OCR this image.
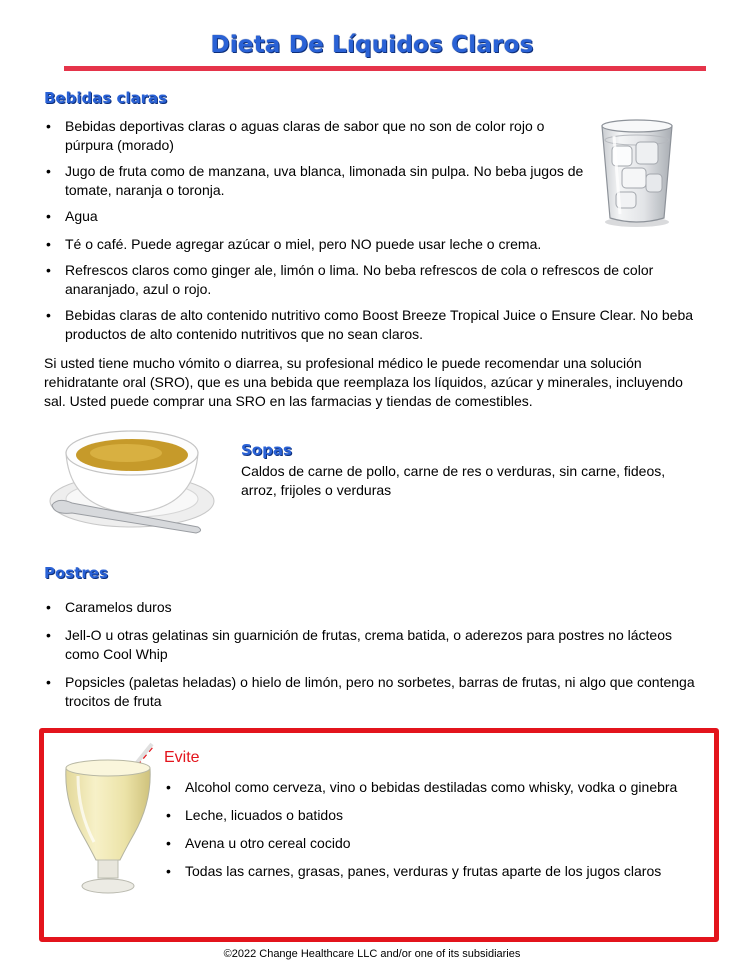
Dieta De Líquidos Claros
Bebidas claras
• Bebidas deportivas claras o aguas claras de sabor que no son de color rojo o púrpura (morado)
• Jugo de fruta como de manzana, uva blanca, limonada sin pulpa. No beba jugos de tomate, naranja o toronja.
• Agua
• Té o café. Puede agregar azúcar o miel, pero NO puede usar leche o crema.
• Refrescos claros como ginger ale, limón o lima. No beba refrescos de cola o refrescos de color anaranjado, azul o rojo.
• Bebidas claras de alto contenido nutritivo como Boost Breeze Tropical Juice o Ensure Clear. No beba productos de alto contenido nutritivos que no sean claros.

Si usted tiene mucho vómito o diarrea, su profesional médico le puede recomendar una solución rehidratante oral (SRO), que es una bebida que reemplaza los líquidos, azúcar y minerales, incluyendo sal. Usted puede comprar una SRO en las farmacias y tiendas de comestibles.

Sopas

Caldos de carne de pollo, carne de res o verduras, sin carne, fideos, arroz, frijoles o verduras

Postres
• Caramelos duros
• Jell-O u otras gelatinas sin guarnición de frutas, crema batida, o aderezos para postres no lácteos como Cool Whip
• Popsicles (paletas heladas) o hielo de limón, pero no sorbetes, barras de frutas, ni algo que contenga trocitos de fruta
Evite
• Alcohol como cerveza, vino o bebidas destiladas como whisky, vodka o ginebra
• Leche, licuados o batidos
• Avena u otro cereal cocido
• Todas las carnes, grasas, panes, verduras y frutas aparte de los jugos claros
©2022 Change Healthcare LLC and/or one of its subsidiaries
